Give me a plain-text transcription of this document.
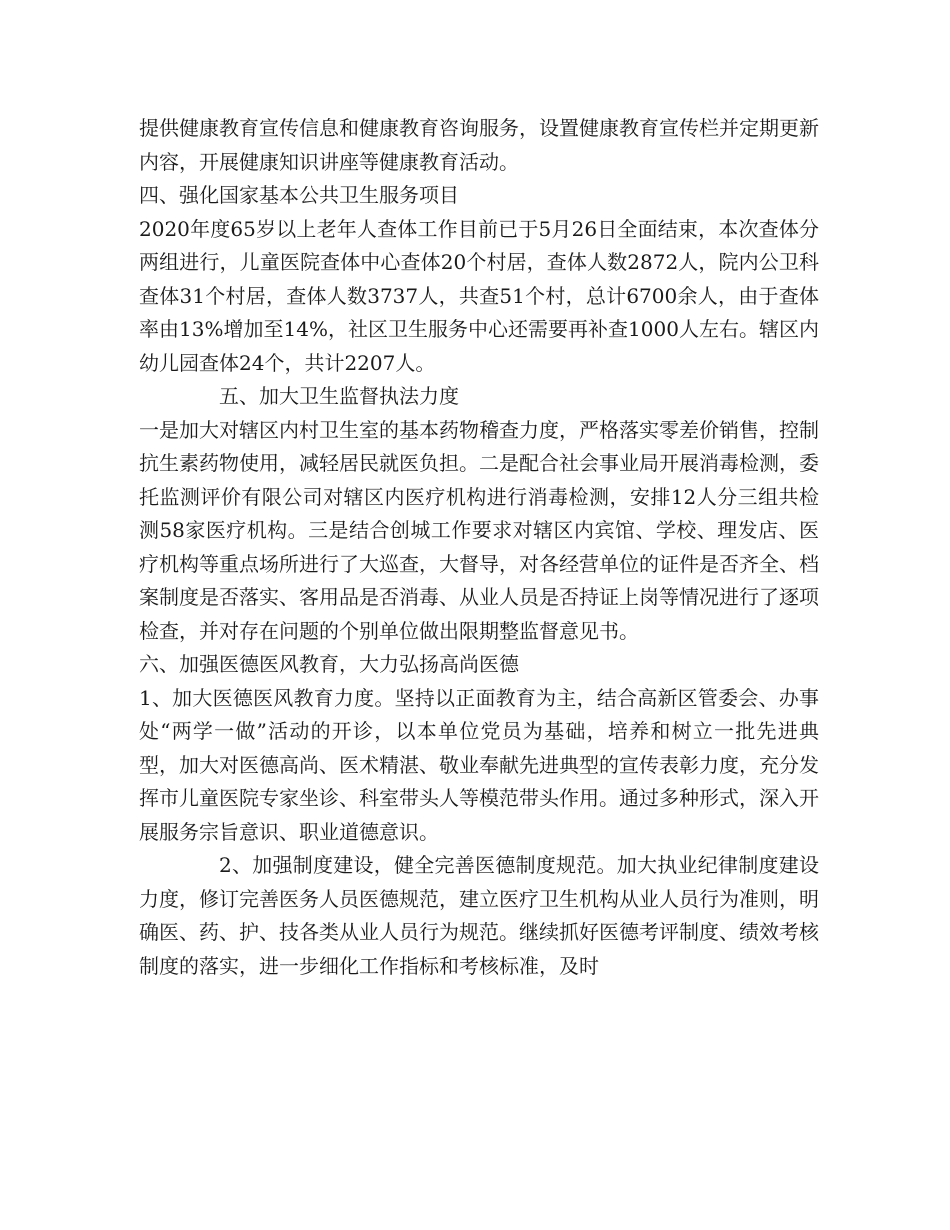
提供健康教育宣传信息和健康教育咨询服务，设置健康教育宣传栏并定期更新内容，开展健康知识讲座等健康教育活动。

四、强化国家基本公共卫生服务项目

2020年度65岁以上老年人查体工作目前已于5月26日全面结束，本次查体分两组进行，儿童医院查体中心查体20个村居，查体人数2872人，院内公卫科查体31个村居，查体人数3737人，共查51个村，总计6700余人，由于查体率由13%增加至14%，社区卫生服务中心还需要再补查1000人左右。辖区内幼儿园查体24个，共计2207人。

五、加大卫生监督执法力度

一是加大对辖区内村卫生室的基本药物稽查力度，严格落实零差价销售，控制抗生素药物使用，减轻居民就医负担。二是配合社会事业局开展消毒检测，委托监测评价有限公司对辖区内医疗机构进行消毒检测，安排12人分三组共检测58家医疗机构。三是结合创城工作要求对辖区内宾馆、学校、理发店、医疗机构等重点场所进行了大巡查，大督导，对各经营单位的证件是否齐全、档案制度是否落实、客用品是否消毒、从业人员是否持证上岗等情况进行了逐项检查，并对存在问题的个别单位做出限期整监督意见书。

六、加强医德医风教育，大力弘扬高尚医德

1、加大医德医风教育力度。坚持以正面教育为主，结合高新区管委会、办事处“两学一做”活动的开诊，以本单位党员为基础，培养和树立一批先进典型，加大对医德高尚、医术精湛、敬业奉献先进典型的宣传表彰力度，充分发挥市儿童医院专家坐诊、科室带头人等模范带头作用。通过多种形式，深入开展服务宗旨意识、职业道德意识。

2、加强制度建设，健全完善医德制度规范。加大执业纪律制度建设力度，修订完善医务人员医德规范，建立医疗卫生机构从业人员行为准则，明确医、药、护、技各类从业人员行为规范。继续抓好医德考评制度、绩效考核制度的落实，进一步细化工作指标和考核标准，及时
